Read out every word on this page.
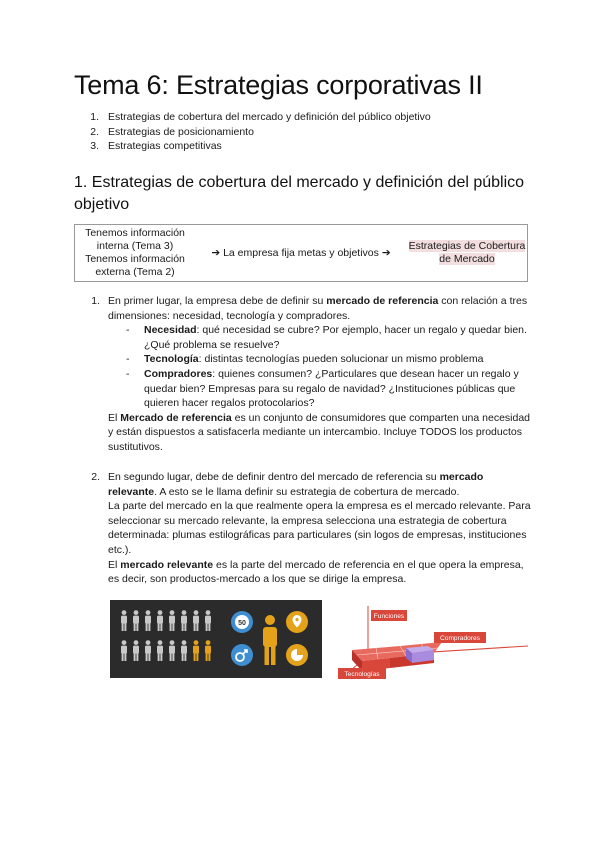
Tema 6: Estrategias corporativas II
1. Estrategias de cobertura del mercado y definición del público objetivo
2. Estrategias de posicionamiento
3. Estrategias competitivas
1. Estrategias de cobertura del mercado y definición del público objetivo
Tenemos información interna (Tema 3)
Tenemos información externa (Tema 2)
	➔ La empresa fija metas y objetivos ➔	Estrategias de Cobertura de Mercado
1. En primer lugar, la empresa debe de definir su mercado de referencia con relación a tres dimensiones: necesidad, tecnología y compradores.

- Necesidad: qué necesidad se cubre? Por ejemplo, hacer un regalo y quedar bien. ¿Qué problema se resuelve?
- Tecnología: distintas tecnologías pueden solucionar un mismo problema
- Compradores: quienes consumen? ¿Particulares que desean hacer un regalo y quedar bien? Empresas para su regalo de navidad? ¿Instituciones públicas que quieren hacer regalos protocolarios?

El Mercado de referencia es un conjunto de consumidores que comparten una necesidad y están dispuestos a satisfacerla mediante un intercambio. Incluye TODOS los productos sustitutivos.

2. En segundo lugar, debe de definir dentro del mercado de referencia su mercado relevante. A esto se le llama definir su estrategia de cobertura de mercado.

La parte del mercado en la que realmente opera la empresa es el mercado relevante. Para seleccionar su mercado relevante, la empresa selecciona una estrategia de cobertura determinada: plumas estilográficas para particulares (sin logos de empresas, instituciones etc.).

El mercado relevante es la parte del mercado de referencia en el que opera la empresa, es decir, son productos-mercado a los que se dirige la empresa.

50
Funciones
Compradores
Tecnologías
